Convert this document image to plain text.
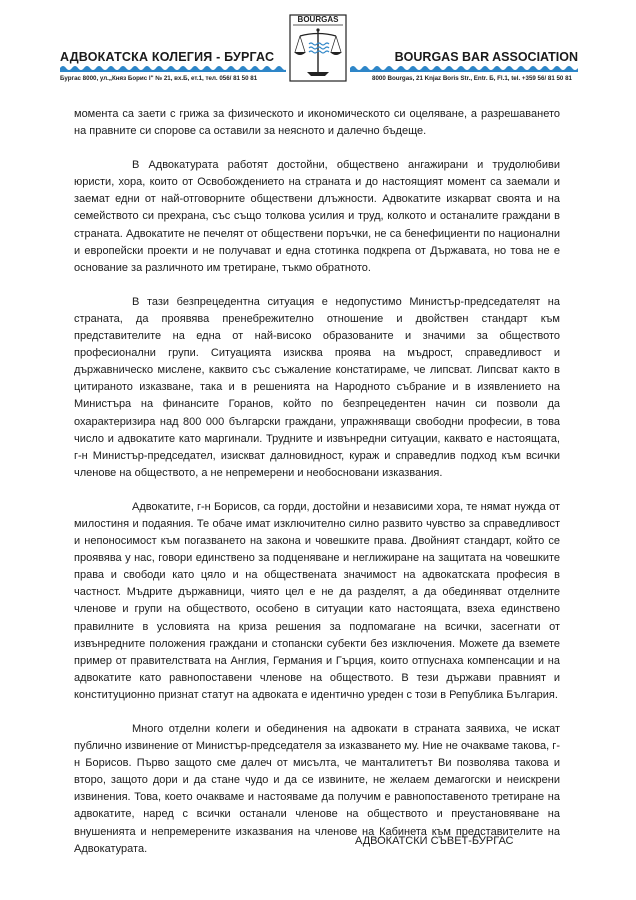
АДВОКАТСКА КОЛЕГИЯ - БУРГАС	BOURGAS BAR ASSOCIATION
Бургас 8000, ул.„Княз Борис I" № 21, вх.Б, ет.1, тел. 056/ 81 50 81	8000 Bourgas, 21 Knjaz Boris Str., Entr. Б, Fl.1, tel. +359 56/ 81 50 81
BOURGAS

момента са заети с грижа за физическото и икономическото си оцеляване, а разрешаването на правните си спорове са оставили за неясното и далечно бъдеще.

В Адвокатурата работят достойни, обществено ангажирани и трудолюбиви юристи, хора, които от Освобождението на страната и до настоящият момент са заемали и заемат едни от най-отговорните обществени длъжности. Адвокатите изкарват своята и на семейството си прехрана, със също толкова усилия и труд, колкото и останалите граждани в страната. Адвокатите не печелят от обществени поръчки, не са бенефициенти по национални и европейски проекти и не получават и една стотинка подкрепа от Държавата, но това не е основание за различното им третиране, тъкмо обратното.

В тази безпрецедентна ситуация е недопустимо Министър-председателят на страната, да проявява пренебрежително отношение и двойствен стандарт към представителите на една от най-високо образованите и значими за обществото професионални групи. Ситуацията изисква проява на мъдрост, справедливост и държавническо мислене, каквито със съжаление констатираме, че липсват. Липсват както в цитираното изказване, така и в решенията на Народното събрание и в изявлението на Министъра на финансите Горанов, който по безпрецедентен начин си позволи да охарактеризира над 800 000 български граждани, упражняващи свободни професии, в това число и адвокатите като маргинали. Трудните и извънредни ситуации, каквато е настоящата, г-н Министър-председател, изискват далновидност, кураж и справедлив подход към всички членове на обществото, а не непремерени и необосновани изказвания.

Адвокатите, г-н Борисов, са горди, достойни и независими хора, те нямат нужда от милостиня и подаяния. Те обаче имат изключително силно развито чувство за справедливост и непоносимост към погазването на закона и човешките права. Двойният стандарт, който се проявява у нас, говори единствено за подценяване и неглижиране на защитата на човешките права и свободи като цяло и на обществената значимост на адвокатската професия в частност. Мъдрите държавници, чиято цел е не да разделят, а да обединяват отделните членове и групи на обществото, особено в ситуации като настоящата, взеха единствено правилните в условията на криза решения за подпомагане на всички, засегнати от извънредните положения граждани и стопански субекти без изключения. Можете да вземете пример от правителствата на Англия, Германия и Гърция, които отпуснаха компенсации и на адвокатите като равнопоставени членове на обществото. В тези държави правният и конституционно признат статут на адвоката е идентично уреден с този в Република България.

Много отделни колеги и обединения на адвокати в страната заявиха, че искат публично извинение от Министър-председателя за изказването му. Ние не очакваме такова, г-н Борисов. Първо защото сме далеч от мисълта, че манталитетът Ви позволява такова и второ, защото дори и да стане чудо и да се извините, не желаем демагогски и неискрени извинения. Това, което очакваме и настояваме да получим е равнопоставеното третиране на адвокатите, наред с всички останали членове на обществото и преустановяване на внушенията и непремерените изказвания на членове на Кабинета към представителите на Адвокатурата.

АДВОКАТСКИ СЪВЕТ-БУРГАС
